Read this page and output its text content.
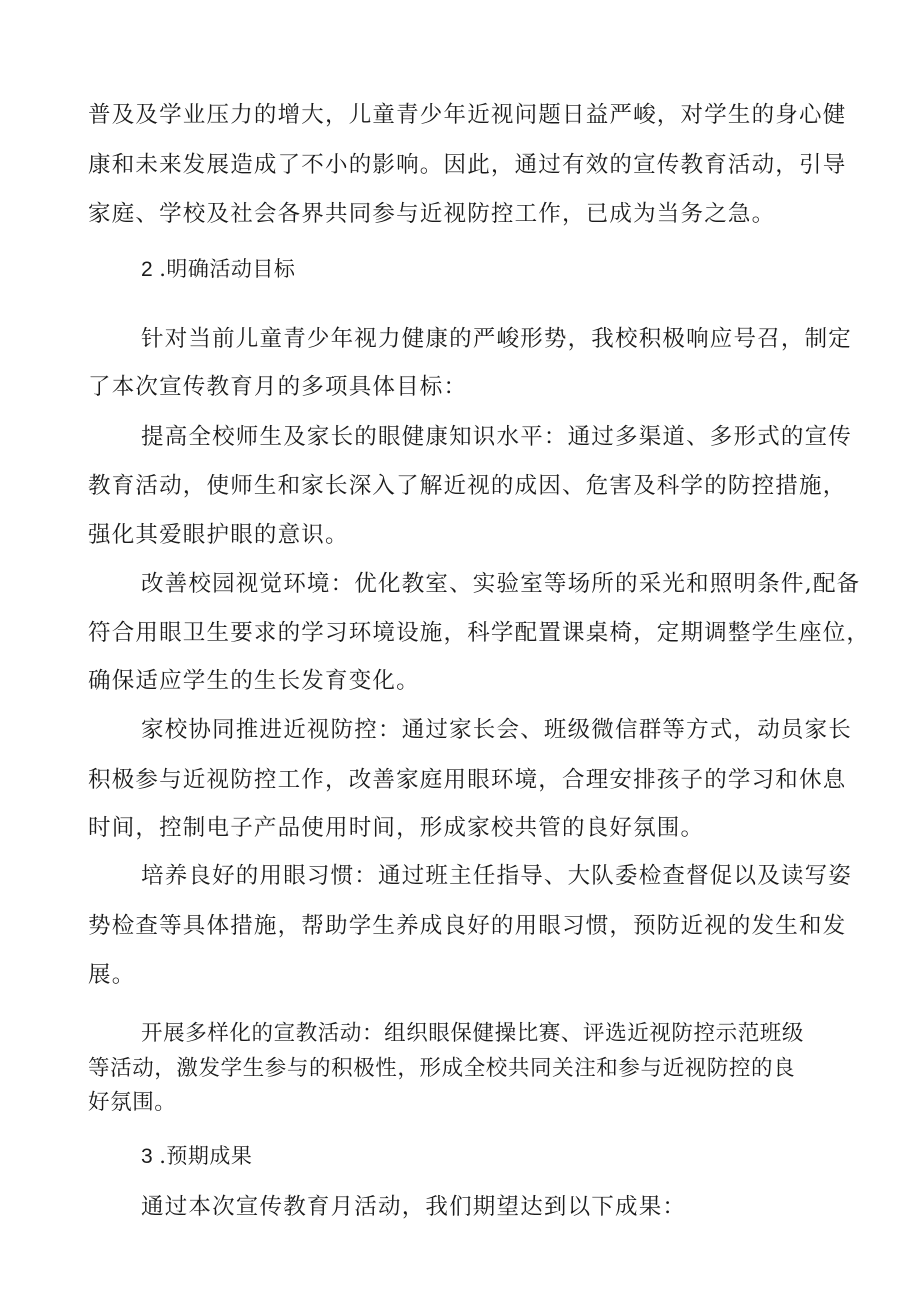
普及及学业压力的增大，儿童青少年近视问题日益严峻，对学生的身心健
康和未来发展造成了不小的影响。因此，通过有效的宣传教育活动，引导
家庭、学校及社会各界共同参与近视防控工作，已成为当务之急。
2 .明确活动目标
针对当前儿童青少年视力健康的严峻形势，我校积极响应号召，制定
了本次宣传教育月的多项具体目标：
提高全校师生及家长的眼健康知识水平：通过多渠道、多形式的宣传
教育活动，使师生和家长深入了解近视的成因、危害及科学的防控措施，
强化其爱眼护眼的意识。
改善校园视觉环境：优化教室、实验室等场所的采光和照明条件,配备
符合用眼卫生要求的学习环境设施，科学配置课桌椅，定期调整学生座位，
确保适应学生的生长发育变化。
家校协同推进近视防控：通过家长会、班级微信群等方式，动员家长
积极参与近视防控工作，改善家庭用眼环境，合理安排孩子的学习和休息
时间，控制电子产品使用时间，形成家校共管的良好氛围。
培养良好的用眼习惯：通过班主任指导、大队委检查督促以及读写姿
势检查等具体措施，帮助学生养成良好的用眼习惯，预防近视的发生和发
展。
开展多样化的宣教活动：组织眼保健操比赛、评选近视防控示范班级
等活动，激发学生参与的积极性，形成全校共同关注和参与近视防控的良
好氛围。
3 .预期成果
通过本次宣传教育月活动，我们期望达到以下成果：
